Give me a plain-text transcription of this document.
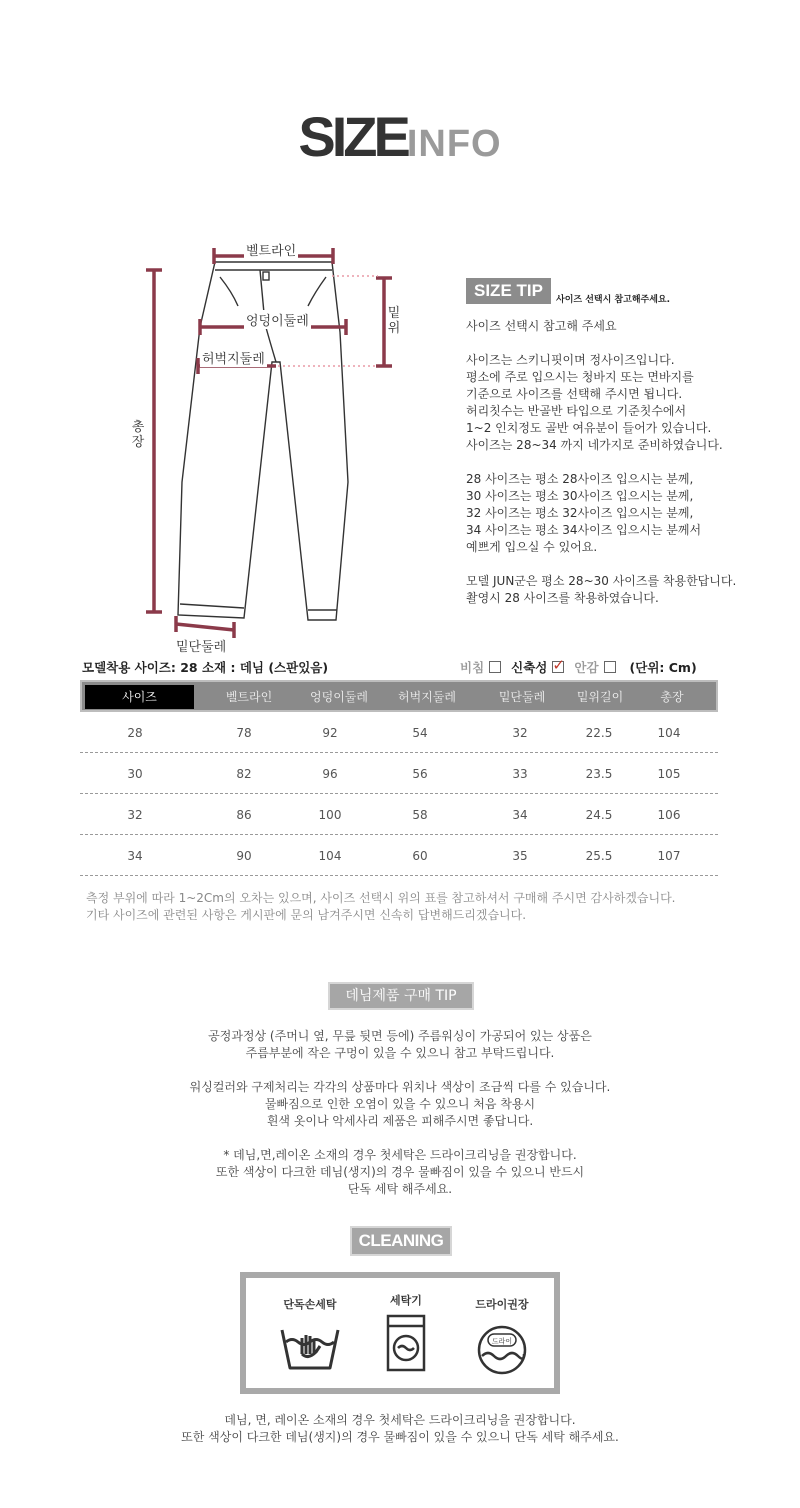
SIZEINFO
벨트라인
엉덩이둘레
허벅지둘레
밑위
총장
밑단둘레
SIZE TIP	사이즈 선택시 참고해주세요.

사이즈 선택시 참고해 주세요

사이즈는 스키니핏이며 정사이즈입니다.
평소에 주로 입으시는 청바지 또는 면바지를
기준으로 사이즈를 선택해 주시면 됩니다.
허리칫수는 반골반 타입으로 기준칫수에서
1~2 인치정도 골반 여유분이 들어가 있습니다.
사이즈는 28~34 까지 네가지로 준비하였습니다.

28 사이즈는 평소 28사이즈 입으시는 분께,
30 사이즈는 평소 30사이즈 입으시는 분께,
32 사이즈는 평소 32사이즈 입으시는 분께,
34 사이즈는 평소 34사이즈 입으시는 분께서
예쁘게 입으실 수 있어요.

모델 JUN군은 평소 28~30 사이즈를 착용한답니다.
촬영시 28 사이즈를 착용하였습니다.

모델착용 사이즈: 28 소재 : 데님 (스판있음)	비침 신축성 ✓ 안감 (단위: Cm)
사이즈	벨트라인	엉덩이둘레	허벅지둘레	밑단둘레	밑위길이	총장
28	78	92	54	32	22.5	104
30	82	96	56	33	23.5	105
32	86	100	58	34	24.5	106
34	90	104	60	35	25.5	107
측정 부위에 따라 1~2Cm의 오차는 있으며, 사이즈 선택시 위의 표를 참고하셔서 구매해 주시면 감사하겠습니다.
기타 사이즈에 관련된 사항은 게시판에 문의 남겨주시면 신속히 답변해드리겠습니다.
데님제품 구매 TIP

공정과정상 (주머니 옆, 무릎 뒷면 등에) 주름워싱이 가공되어 있는 상품은
주름부분에 작은 구멍이 있을 수 있으니 참고 부탁드립니다.

워싱컬러와 구제처리는 각각의 상품마다 위치나 색상이 조금씩 다를 수 있습니다.
물빠짐으로 인한 오염이 있을 수 있으니 처음 착용시
흰색 옷이나 악세사리 제품은 피해주시면 좋답니다.

* 데님,면,레이온 소재의 경우 첫세탁은 드라이크리닝을 권장합니다.
또한 색상이 다크한 데님(생지)의 경우 물빠짐이 있을 수 있으니 반드시
단독 세탁 해주세요.

CLEANING
단독손세탁	세탁기	드라이권장
드라이
데님, 면, 레이온 소재의 경우 첫세탁은 드라이크리닝을 권장합니다.
또한 색상이 다크한 데님(생지)의 경우 물빠짐이 있을 수 있으니 단독 세탁 해주세요.
